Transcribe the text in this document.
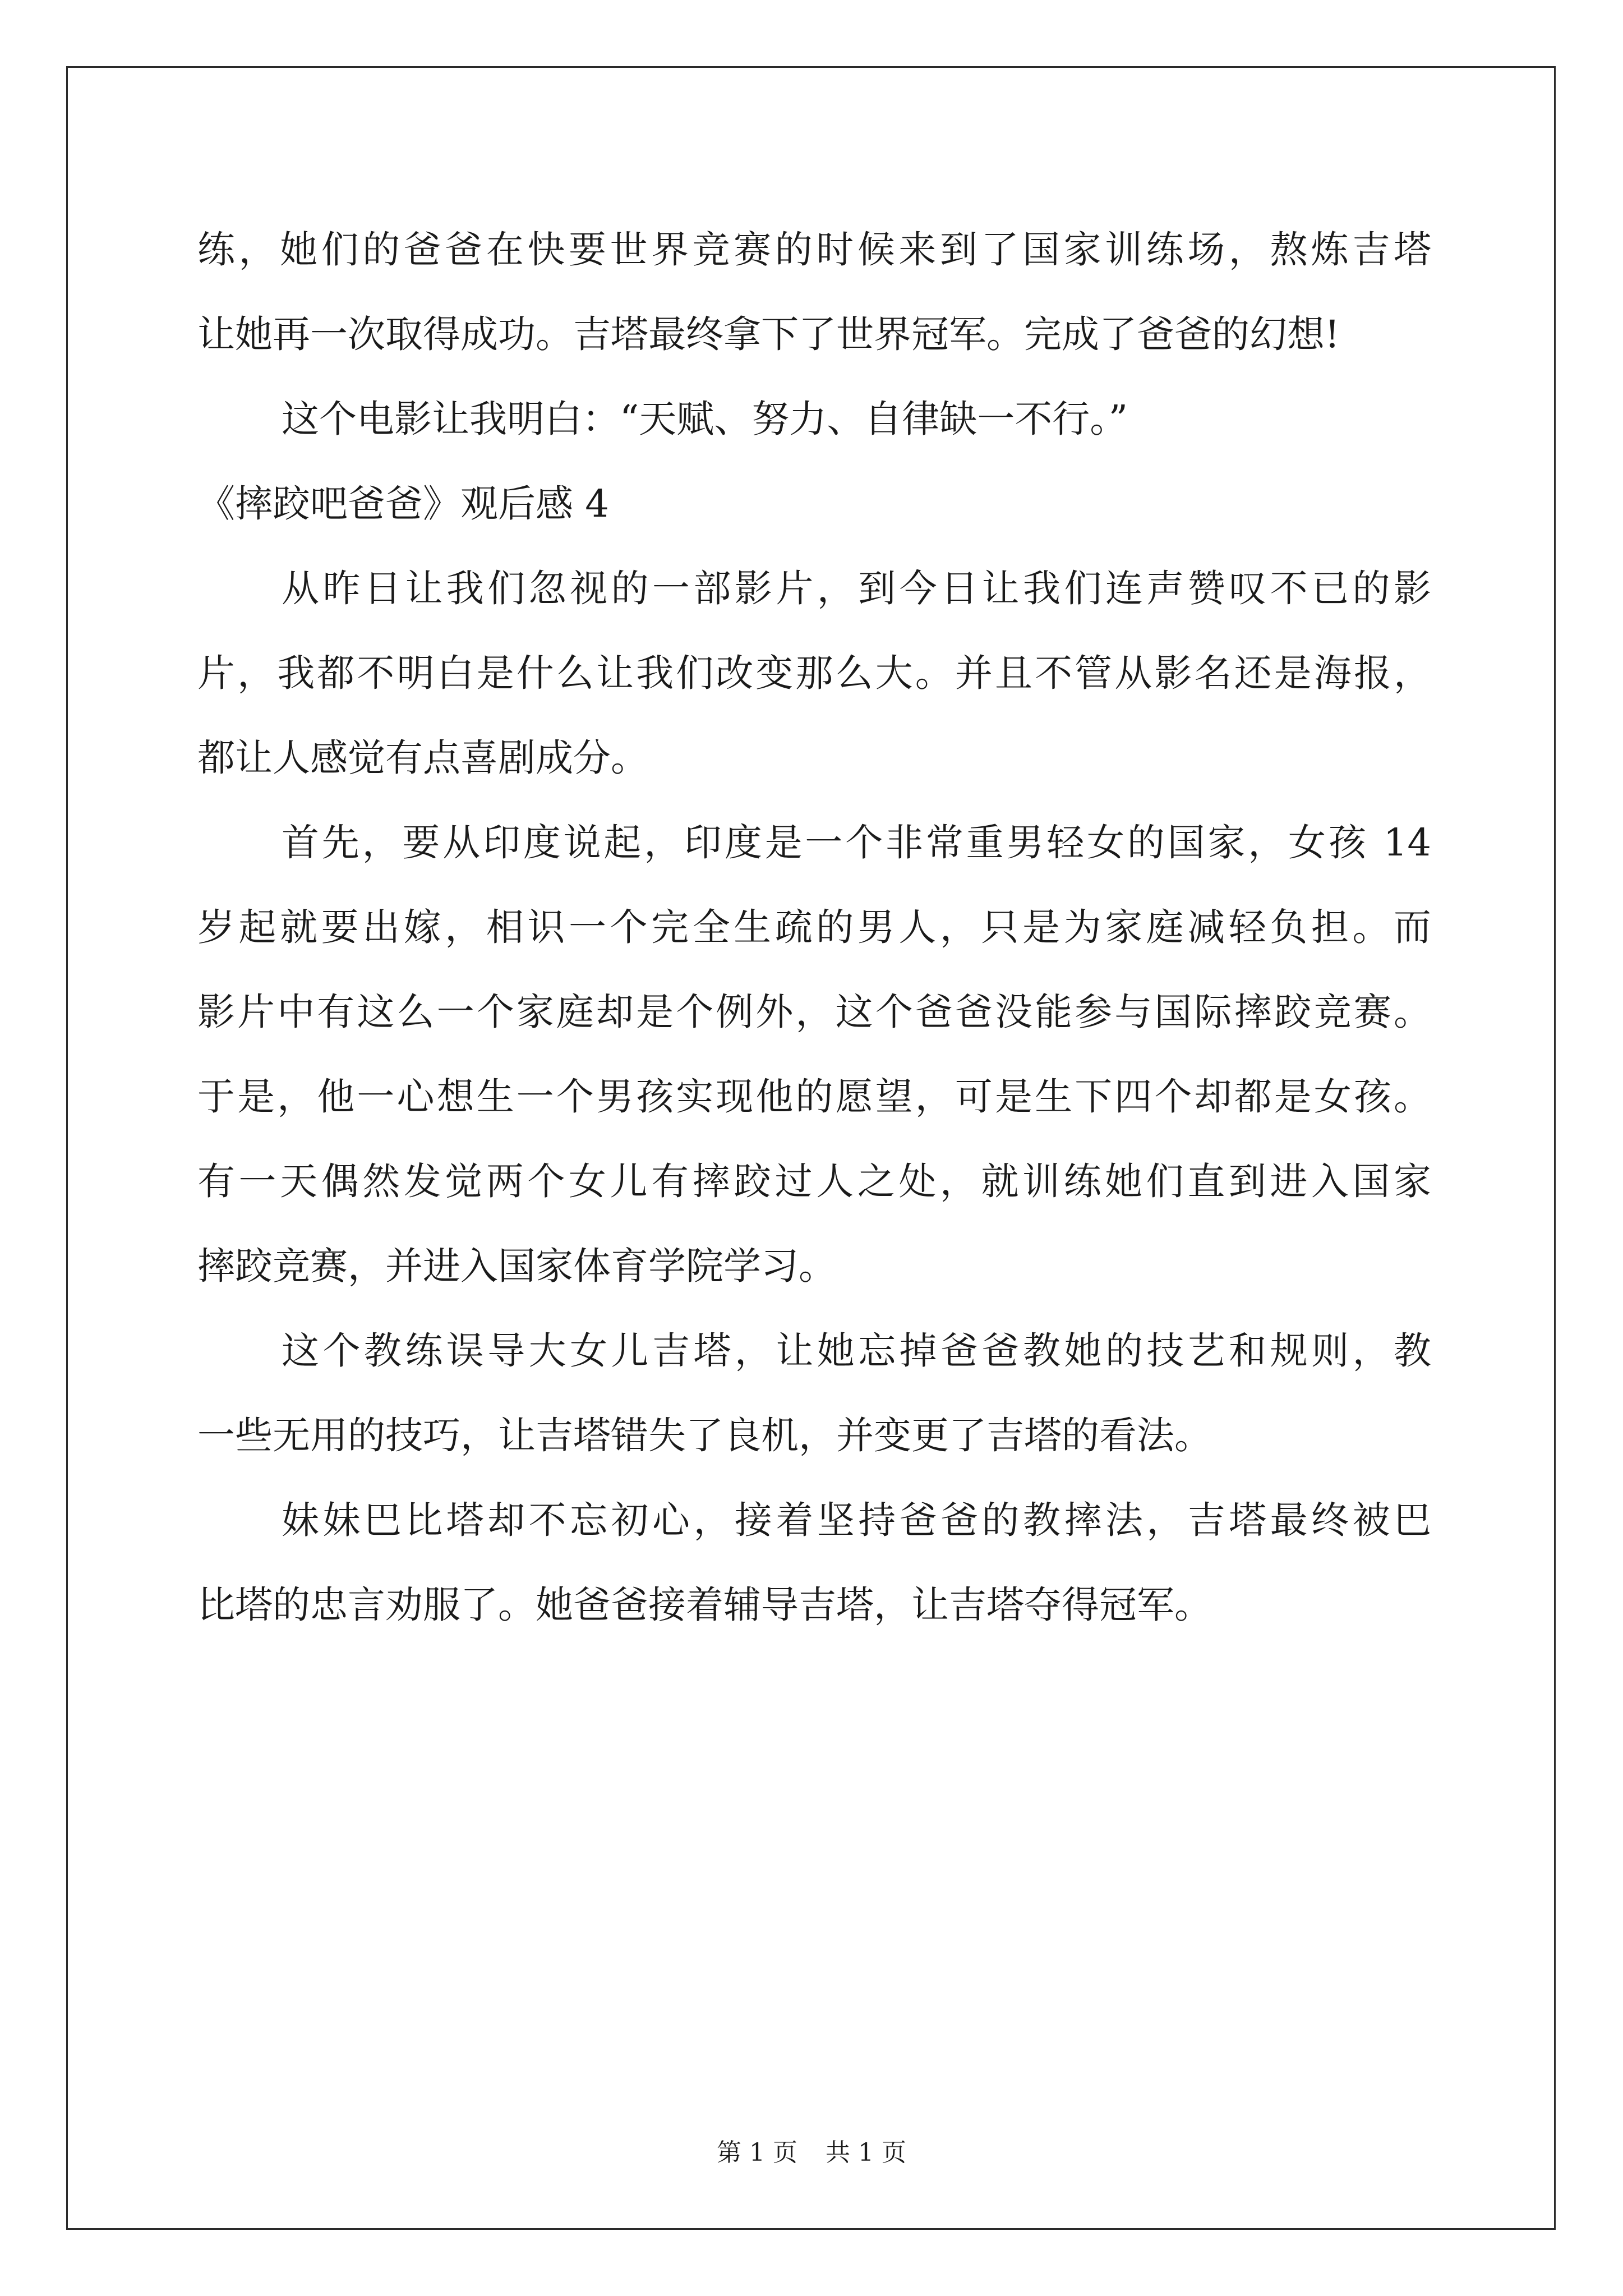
练，她们的爸爸在快要世界竞赛的时候来到了国家训练场，熬炼吉塔
让她再一次取得成功。吉塔最终拿下了世界冠军。完成了爸爸的幻想!
这个电影让我明白：“天赋、努力、自律缺一不行。”
《摔跤吧爸爸》观后感 4
从昨日让我们忽视的一部影片，到今日让我们连声赞叹不已的影
片，我都不明白是什么让我们改变那么大。并且不管从影名还是海报，
都让人感觉有点喜剧成分。
首先，要从印度说起，印度是一个非常重男轻女的国家，女孩 14
岁起就要出嫁，相识一个完全生疏的男人，只是为家庭减轻负担。而
影片中有这么一个家庭却是个例外，这个爸爸没能参与国际摔跤竞赛。
于是，他一心想生一个男孩实现他的愿望，可是生下四个却都是女孩。
有一天偶然发觉两个女儿有摔跤过人之处，就训练她们直到进入国家
摔跤竞赛，并进入国家体育学院学习。
这个教练误导大女儿吉塔，让她忘掉爸爸教她的技艺和规则，教
一些无用的技巧，让吉塔错失了良机，并变更了吉塔的看法。
妹妹巴比塔却不忘初心，接着坚持爸爸的教摔法，吉塔最终被巴
比塔的忠言劝服了。她爸爸接着辅导吉塔，让吉塔夺得冠军。
第 1 页 共 1 页
